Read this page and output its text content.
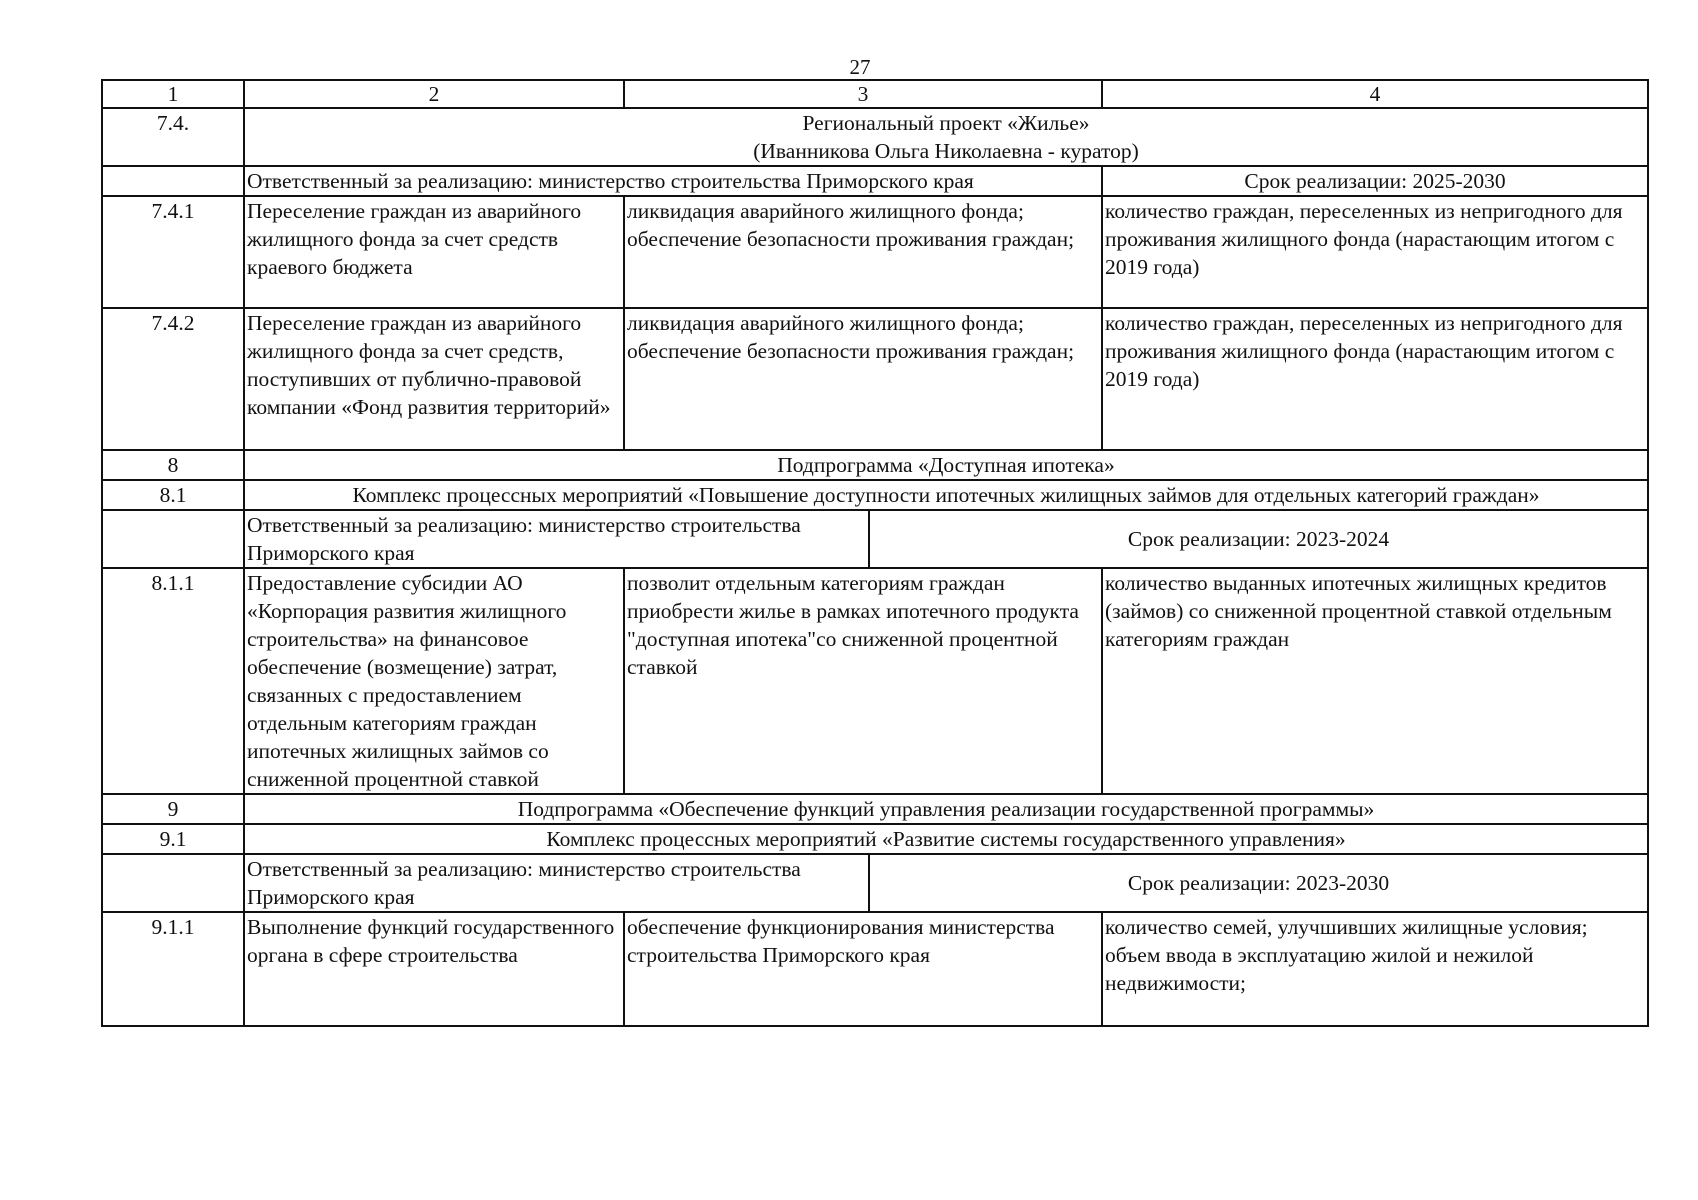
27
1	2	3		4
7.4.	Региональный проект «Жилье»
(Иванникова Ольга Николаевна - куратор)			

	Ответственный за реализацию: министерство строительства Приморского края			Срок реализации: 2025-2030
7.4.1	Переселение граждан из аварийного жилищного фонда за счет средств краевого бюджета	ликвидация аварийного жилищного фонда; обеспечение безопасности проживания граждан;		количество граждан, переселенных из непригодного для проживания жилищного фонда (нарастающим итогом с 2019 года)
7.4.2	Переселение граждан из аварийного жилищного фонда за счет средств, поступивших от публично-правовой компании «Фонд развития территорий»	ликвидация аварийного жилищного фонда; обеспечение безопасности проживания граждан;		количество граждан, переселенных из непригодного для проживания жилищного фонда (нарастающим итогом с 2019 года)
8	Подпрограмма «Доступная ипотека»			
8.1	Комплекс процессных мероприятий «Повышение доступности ипотечных жилищных займов для отдельных категорий граждан»			
	Ответственный за реализацию: министерство строительства Приморского края		Срок реализации: 2023-2024	
8.1.1	Предоставление субсидии АО «Корпорация развития жилищного строительства» на финансовое обеспечение (возмещение) затрат, связанных с предоставлением отдельным категориям граждан ипотечных жилищных займов со сниженной процентной ставкой	позволит отдельным категориям граждан приобрести жилье в рамках ипотечного продукта "доступная ипотека"со сниженной процентной ставкой		количество выданных ипотечных жилищных кредитов (займов) со сниженной процентной ставкой отдельным категориям граждан
9	Подпрограмма «Обеспечение функций управления реализации государственной программы»			
9.1	Комплекс процессных мероприятий «Развитие системы государственного управления»			
	Ответственный за реализацию: министерство строительства Приморского края		Срок реализации: 2023-2030	
9.1.1	Выполнение функций государственного органа в сфере строительства	обеспечение функционирования министерства строительства Приморского края		количество семей, улучшивших жилищные условия;
объем ввода в эксплуатацию жилой и нежилой недвижимости;
